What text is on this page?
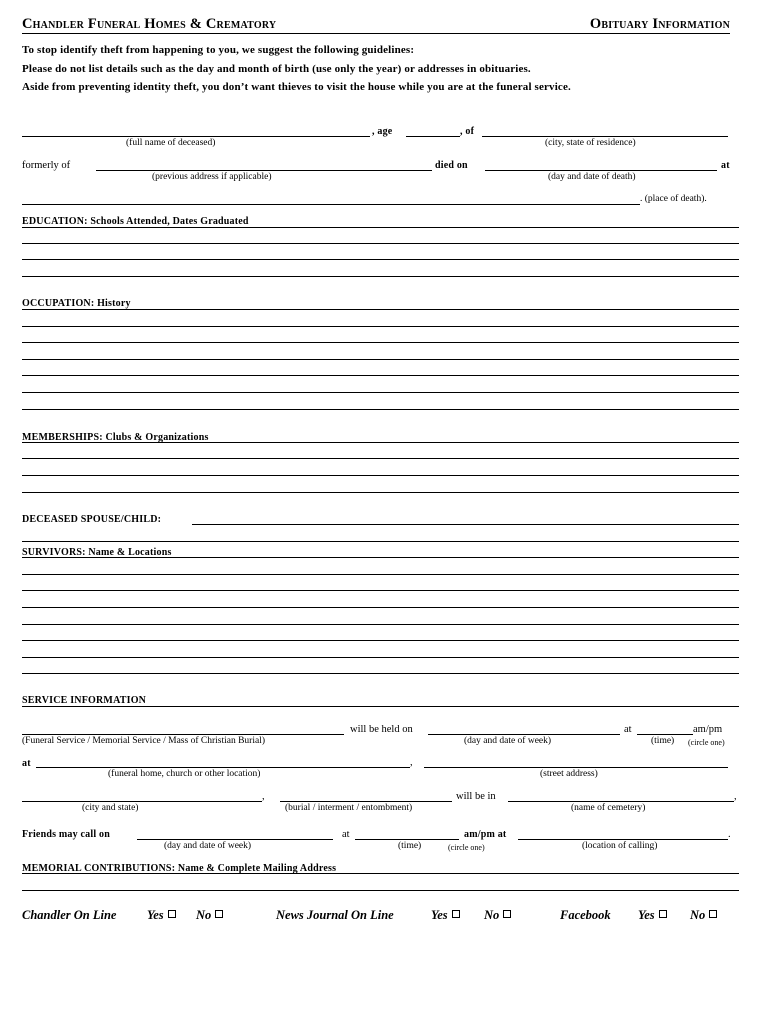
Chandler Funeral Homes & Crematory	Obituary Information
To stop identify theft from happening to you, we suggest the following guidelines:
Please do not list details such as the day and month of birth (use only the year) or addresses in obituaries.
Aside from preventing identity theft, you don’t want thieves to visit the house while you are at the funeral service.
, age	, of
(full name of deceased)	(city, state of residence)
formerly of	died on	at
(previous address if applicable)	(day and date of death)
. (place of death).
EDUCATION: Schools Attended, Dates Graduated
OCCUPATION: History
MEMBERSHIPS: Clubs & Organizations
DECEASED SPOUSE/CHILD:
SURVIVORS: Name & Locations
SERVICE INFORMATION
will be held on	at	am/pm
(Funeral Service / Memorial Service / Mass of Christian Burial)	(day and date of week)	(time) (circle one)
at	,
(funeral home, church or other location)	(street address)
,	will be in	,
(city and state)	(burial / interment / entombment)	(name of cemetery)
Friends may call on	at	am/pm at	.
(day and date of week)	(time)	(circle one)	(location of calling)
MEMORIAL CONTRIBUTIONS: Name & Complete Mailing Address
Chandler On Line Yes	No	News Journal On Line	Yes	No	Facebook Yes	No
